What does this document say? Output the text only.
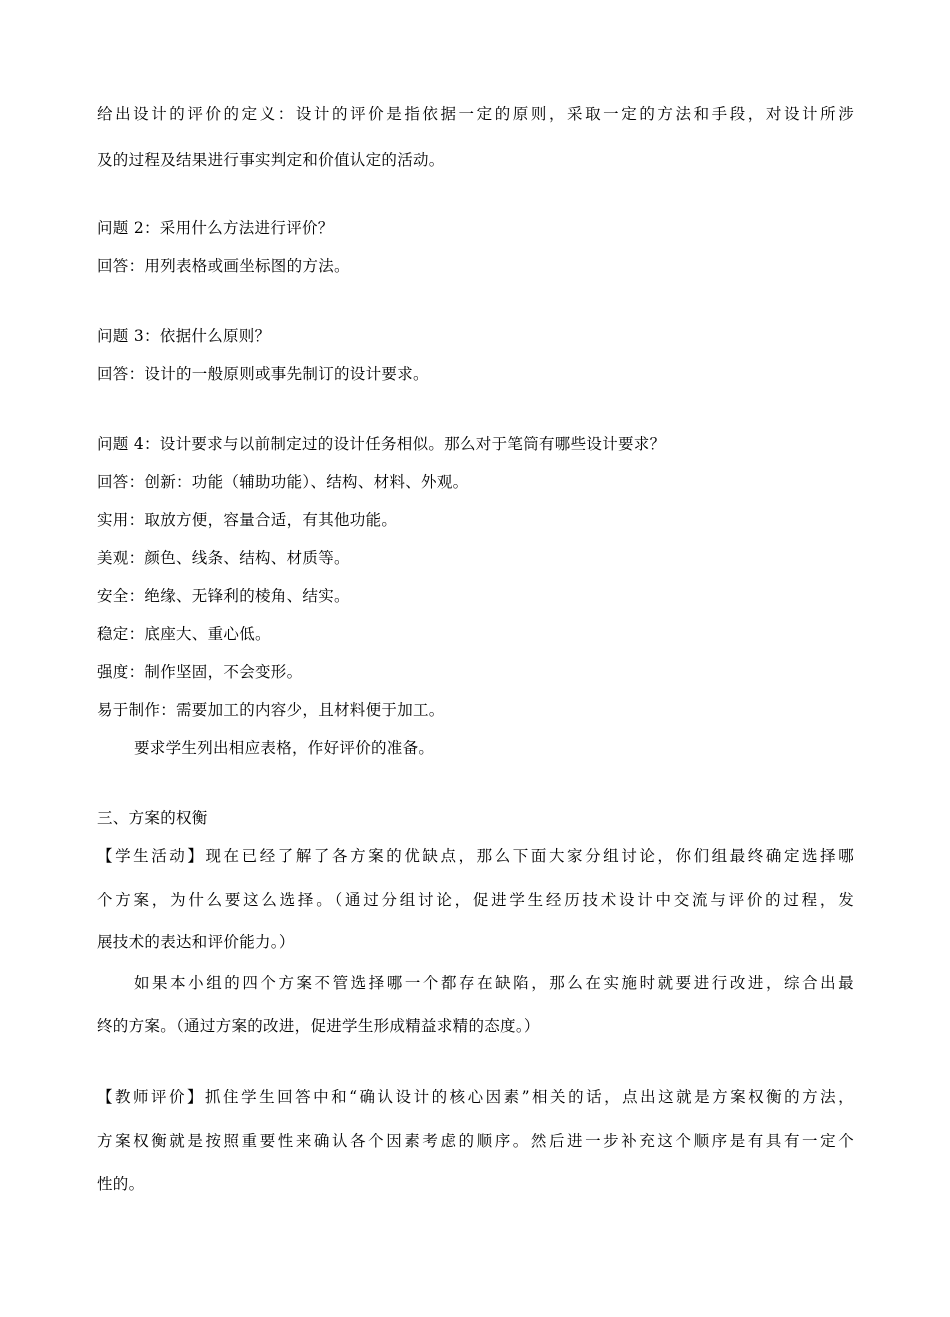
给出设计的评价的定义：设计的评价是指依据一定的原则，采取一定的方法和手段，对设计所涉
及的过程及结果进行事实判定和价值认定的活动。
问题 2：采用什么方法进行评价？
回答：用列表格或画坐标图的方法。
问题 3：依据什么原则？
回答：设计的一般原则或事先制订的设计要求。
问题 4：设计要求与以前制定过的设计任务相似。那么对于笔筒有哪些设计要求？
回答：创新：功能（辅助功能）、结构、材料、外观。
实用：取放方便，容量合适，有其他功能。
美观：颜色、线条、结构、材质等。
安全：绝缘、无锋利的棱角、结实。
稳定：底座大、重心低。
强度：制作坚固，不会变形。
易于制作：需要加工的内容少，且材料便于加工。
要求学生列出相应表格，作好评价的准备。
三、方案的权衡
【学生活动】现在已经了解了各方案的优缺点，那么下面大家分组讨论，你们组最终确定选择哪
个方案，为什么要这么选择。（通过分组讨论，促进学生经历技术设计中交流与评价的过程，发
展技术的表达和评价能力。）
如果本小组的四个方案不管选择哪一个都存在缺陷，那么在实施时就要进行改进，综合出最
终的方案。（通过方案的改进，促进学生形成精益求精的态度。）
【教师评价】抓住学生回答中和“确认设计的核心因素”相关的话，点出这就是方案权衡的方法，
方案权衡就是按照重要性来确认各个因素考虑的顺序。然后进一步补充这个顺序是有具有一定个
性的。
